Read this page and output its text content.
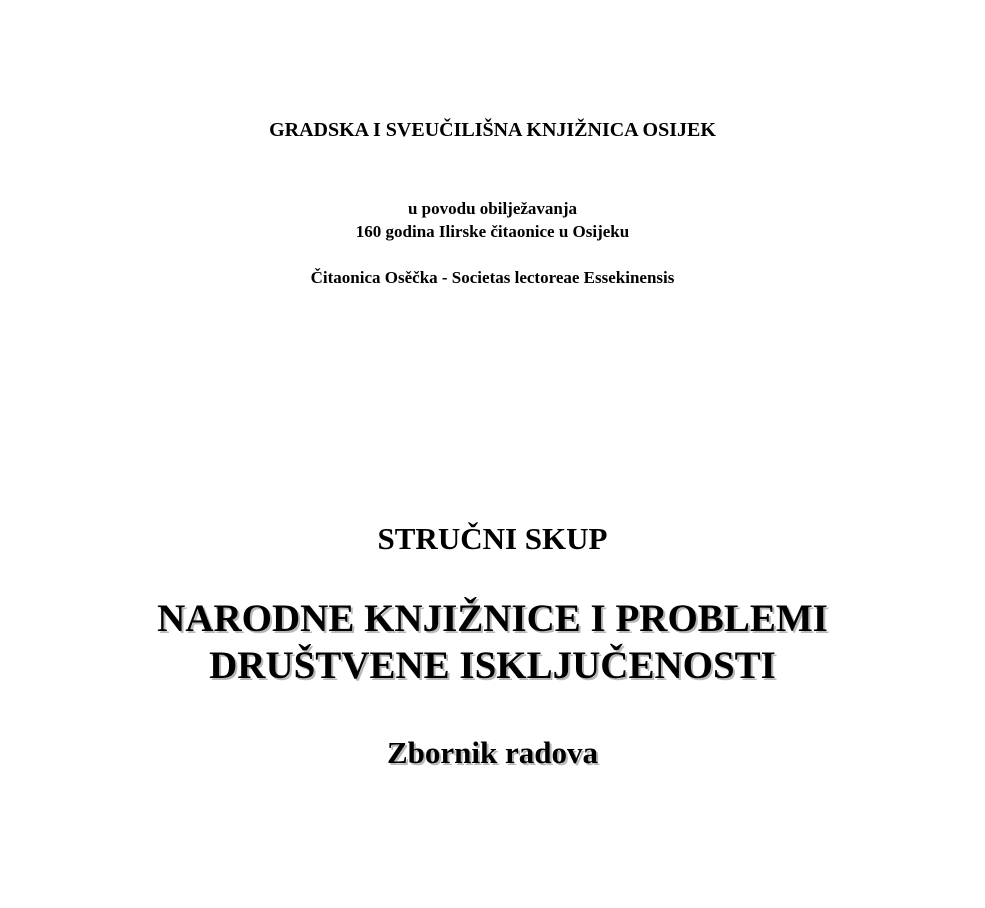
GRADSKA I SVEUČILIŠNA KNJIŽNICA OSIJEK

u povodu obilježavanja

160 godina Ilirske čitaonice u Osijeku

Čitaonica Osěčka - Societas lectoreae Essekinensis

STRUČNI SKUP

NARODNE KNJIŽNICE I PROBLEMI

DRUŠTVENE ISKLJUČENOSTI

Zbornik radova
